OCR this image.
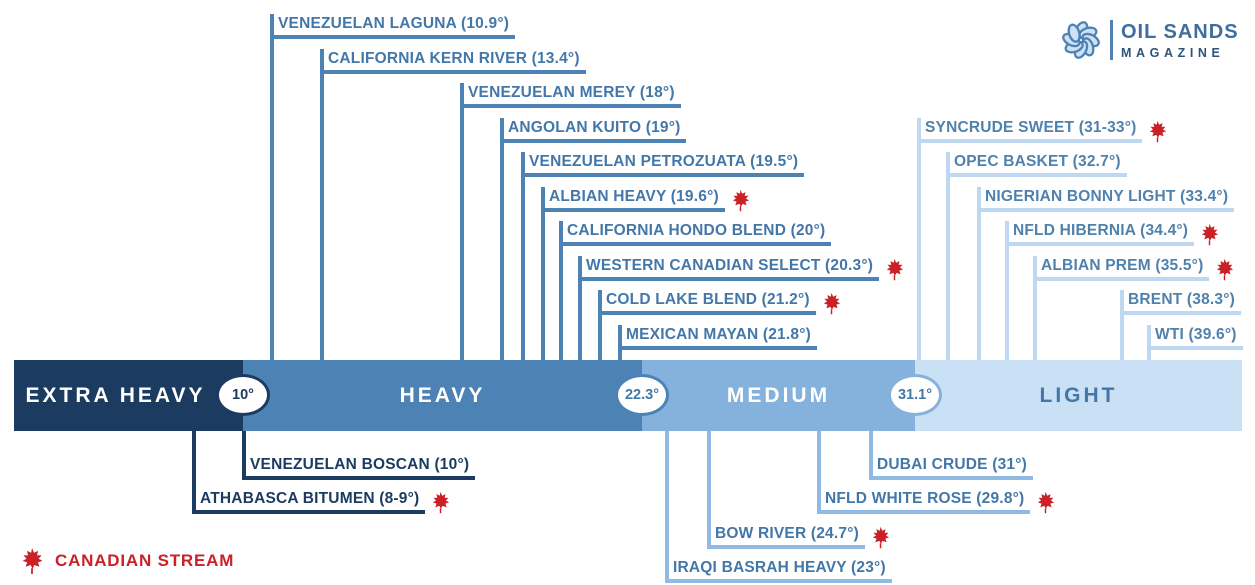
EXTRA HEAVY	HEAVY	MEDIUM	LIGHT
10°	22.3°	31.1°
VENEZUELAN LAGUNA (10.9°)
CALIFORNIA KERN RIVER (13.4°)
VENEZUELAN MEREY (18°)
ANGOLAN KUITO (19°)
VENEZUELAN PETROZUATA (19.5°)
ALBIAN HEAVY (19.6°)
CALIFORNIA HONDO BLEND (20°)
WESTERN CANADIAN SELECT (20.3°)
COLD LAKE BLEND (21.2°)
MEXICAN MAYAN (21.8°)
SYNCRUDE SWEET (31-33°)
OPEC BASKET (32.7°)
NIGERIAN BONNY LIGHT (33.4°)
NFLD HIBERNIA (34.4°)
ALBIAN PREM (35.5°)
BRENT (38.3°)
WTI (39.6°)
VENEZUELAN BOSCAN (10°)
ATHABASCA BITUMEN (8-9°)
DUBAI CRUDE (31°)
NFLD WHITE ROSE (29.8°)
BOW RIVER (24.7°)
IRAQI BASRAH HEAVY (23°)
CANADIAN STREAM
OIL SANDS
MAGAZINE
